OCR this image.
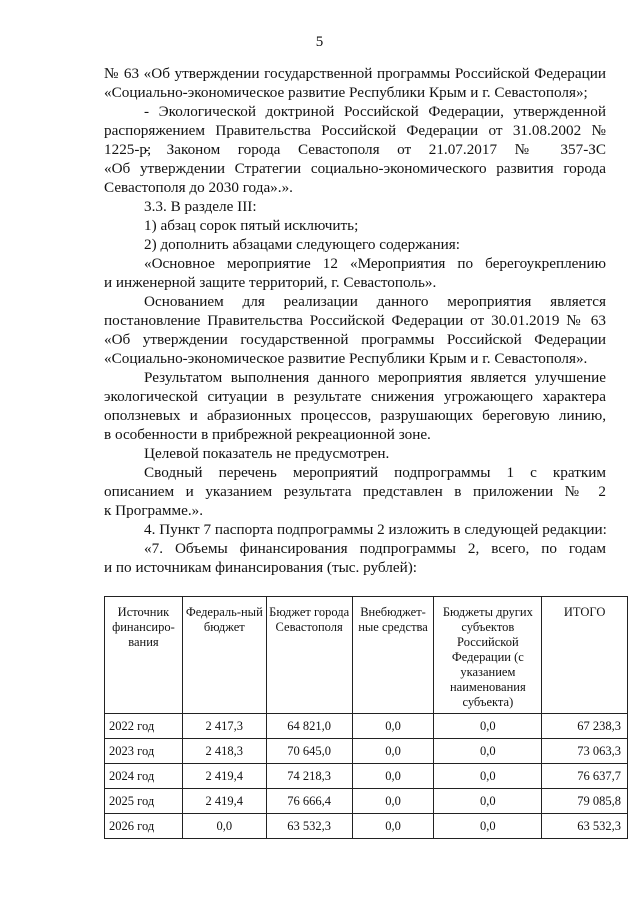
5
№ 63 «Об утверждении государственной программы Российской Федерации
«Социально-экономическое развитие Республики Крым и г. Севастополя»;
- Экологической доктриной Российской Федерации, утвержденной
распоряжением Правительства Российской Федерации от 31.08.2002 № 1225-р;
- Законом города Севастополя от 21.07.2017 № 357-ЗС
«Об утверждении Стратегии социально-экономического развития города
Севастополя до 2030 года».».
3.3. В разделе III:
1) абзац сорок пятый исключить;
2) дополнить абзацами следующего содержания:
«Основное мероприятие 12 «Мероприятия по берегоукреплению
и инженерной защите территорий, г. Севастополь».
Основанием для реализации данного мероприятия является
постановление Правительства Российской Федерации от 30.01.2019 № 63
«Об утверждении государственной программы Российской Федерации
«Социально-экономическое развитие Республики Крым и г. Севастополя».
Результатом выполнения данного мероприятия является улучшение
экологической ситуации в результате снижения угрожающего характера
оползневых и абразионных процессов, разрушающих береговую линию,
в особенности в прибрежной рекреационной зоне.
Целевой показатель не предусмотрен.
Сводный перечень мероприятий подпрограммы 1 с кратким
описанием и указанием результата представлен в приложении № 2
к Программе.».
4. Пункт 7 паспорта подпрограммы 2 изложить в следующей редакции:
«7. Объемы финансирования подпрограммы 2, всего, по годам
и по источникам финансирования (тыс. рублей):
Источник финансиро-вания	Федераль-ный бюджет	Бюджет города Севастополя	Внебюджет-ные средства	Бюджеты других субъектов Российской Федерации (с указанием наименования субъекта)	ИТОГО
2022 год	2 417,3	64 821,0	0,0	0,0	67 238,3
2023 год	2 418,3	70 645,0	0,0	0,0	73 063,3
2024 год	2 419,4	74 218,3	0,0	0,0	76 637,7
2025 год	2 419,4	76 666,4	0,0	0,0	79 085,8
2026 год	0,0	63 532,3	0,0	0,0	63 532,3
